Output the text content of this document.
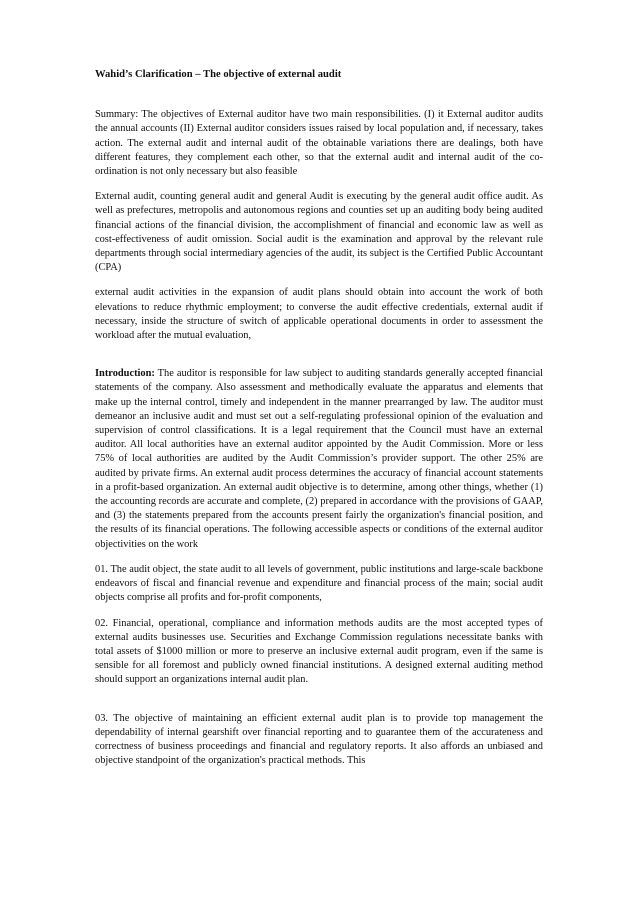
Wahid’s Clarification – The objective of external audit

Summary: The objectives of External auditor have two main responsibilities. (I) it External auditor audits the annual accounts (II) External auditor considers issues raised by local population and, if necessary, takes action. The external audit and internal audit of the obtainable variations there are dealings, both have different features, they complement each other, so that the external audit and internal audit of the co-ordination is not only necessary but also feasible

External audit, counting general audit and general Audit is executing by the general audit office audit. As well as prefectures, metropolis and autonomous regions and counties set up an auditing body being audited financial actions of the financial division, the accomplishment of financial and economic law as well as cost-effectiveness of audit omission. Social audit is the examination and approval by the relevant rule departments through social intermediary agencies of the audit, its subject is the Certified Public Accountant (CPA)

external audit activities in the expansion of audit plans should obtain into account the work of both elevations to reduce rhythmic employment; to converse the audit effective credentials, external audit if necessary, inside the structure of switch of applicable operational documents in order to assessment the workload after the mutual evaluation,

Introduction: The auditor is responsible for law subject to auditing standards generally accepted financial statements of the company. Also assessment and methodically evaluate the apparatus and elements that make up the internal control, timely and independent in the manner prearranged by law. The auditor must demeanor an inclusive audit and must set out a self-regulating professional opinion of the evaluation and supervision of control classifications. It is a legal requirement that the Council must have an external auditor. All local authorities have an external auditor appointed by the Audit Commission. More or less 75% of local authorities are audited by the Audit Commission’s provider support. The other 25% are audited by private firms. An external audit process determines the accuracy of financial account statements in a profit-based organization. An external audit objective is to determine, among other things, whether (1) the accounting records are accurate and complete, (2) prepared in accordance with the provisions of GAAP, and (3) the statements prepared from the accounts present fairly the organization's financial position, and the results of its financial operations. The following accessible aspects or conditions of the external auditor objectivities on the work

01. The audit object, the state audit to all levels of government, public institutions and large-scale backbone endeavors of fiscal and financial revenue and expenditure and financial process of the main; social audit objects comprise all profits and for-profit components,

02. Financial, operational, compliance and information methods audits are the most accepted types of external audits businesses use. Securities and Exchange Commission regulations necessitate banks with total assets of $1000 million or more to preserve an inclusive external audit program, even if the same is sensible for all foremost and publicly owned financial institutions. A designed external auditing method should support an organizations internal audit plan.

03. The objective of maintaining an efficient external audit plan is to provide top management the dependability of internal gearshift over financial reporting and to guarantee them of the accurateness and correctness of business proceedings and financial and regulatory reports. It also affords an unbiased and objective standpoint of the organization's practical methods. This
